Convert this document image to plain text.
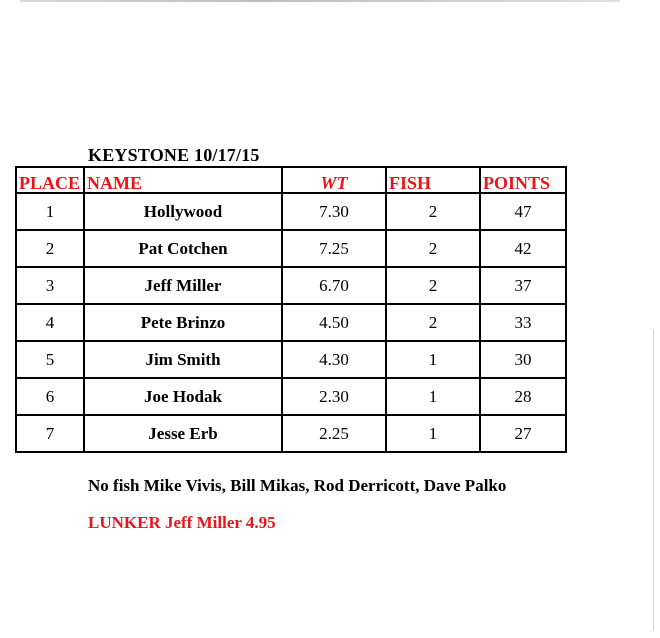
KEYSTONE 10/17/15
PLACE	NAME	WT	FISH	POINTS
1	Hollywood	7.30	2	47
2	Pat Cotchen	7.25	2	42
3	Jeff Miller	6.70	2	37
4	Pete Brinzo	4.50	2	33
5	Jim Smith	4.30	1	30
6	Joe Hodak	2.30	1	28
7	Jesse Erb	2.25	1	27
No fish Mike Vivis, Bill Mikas, Rod Derricott, Dave Palko
LUNKER Jeff Miller 4.95
